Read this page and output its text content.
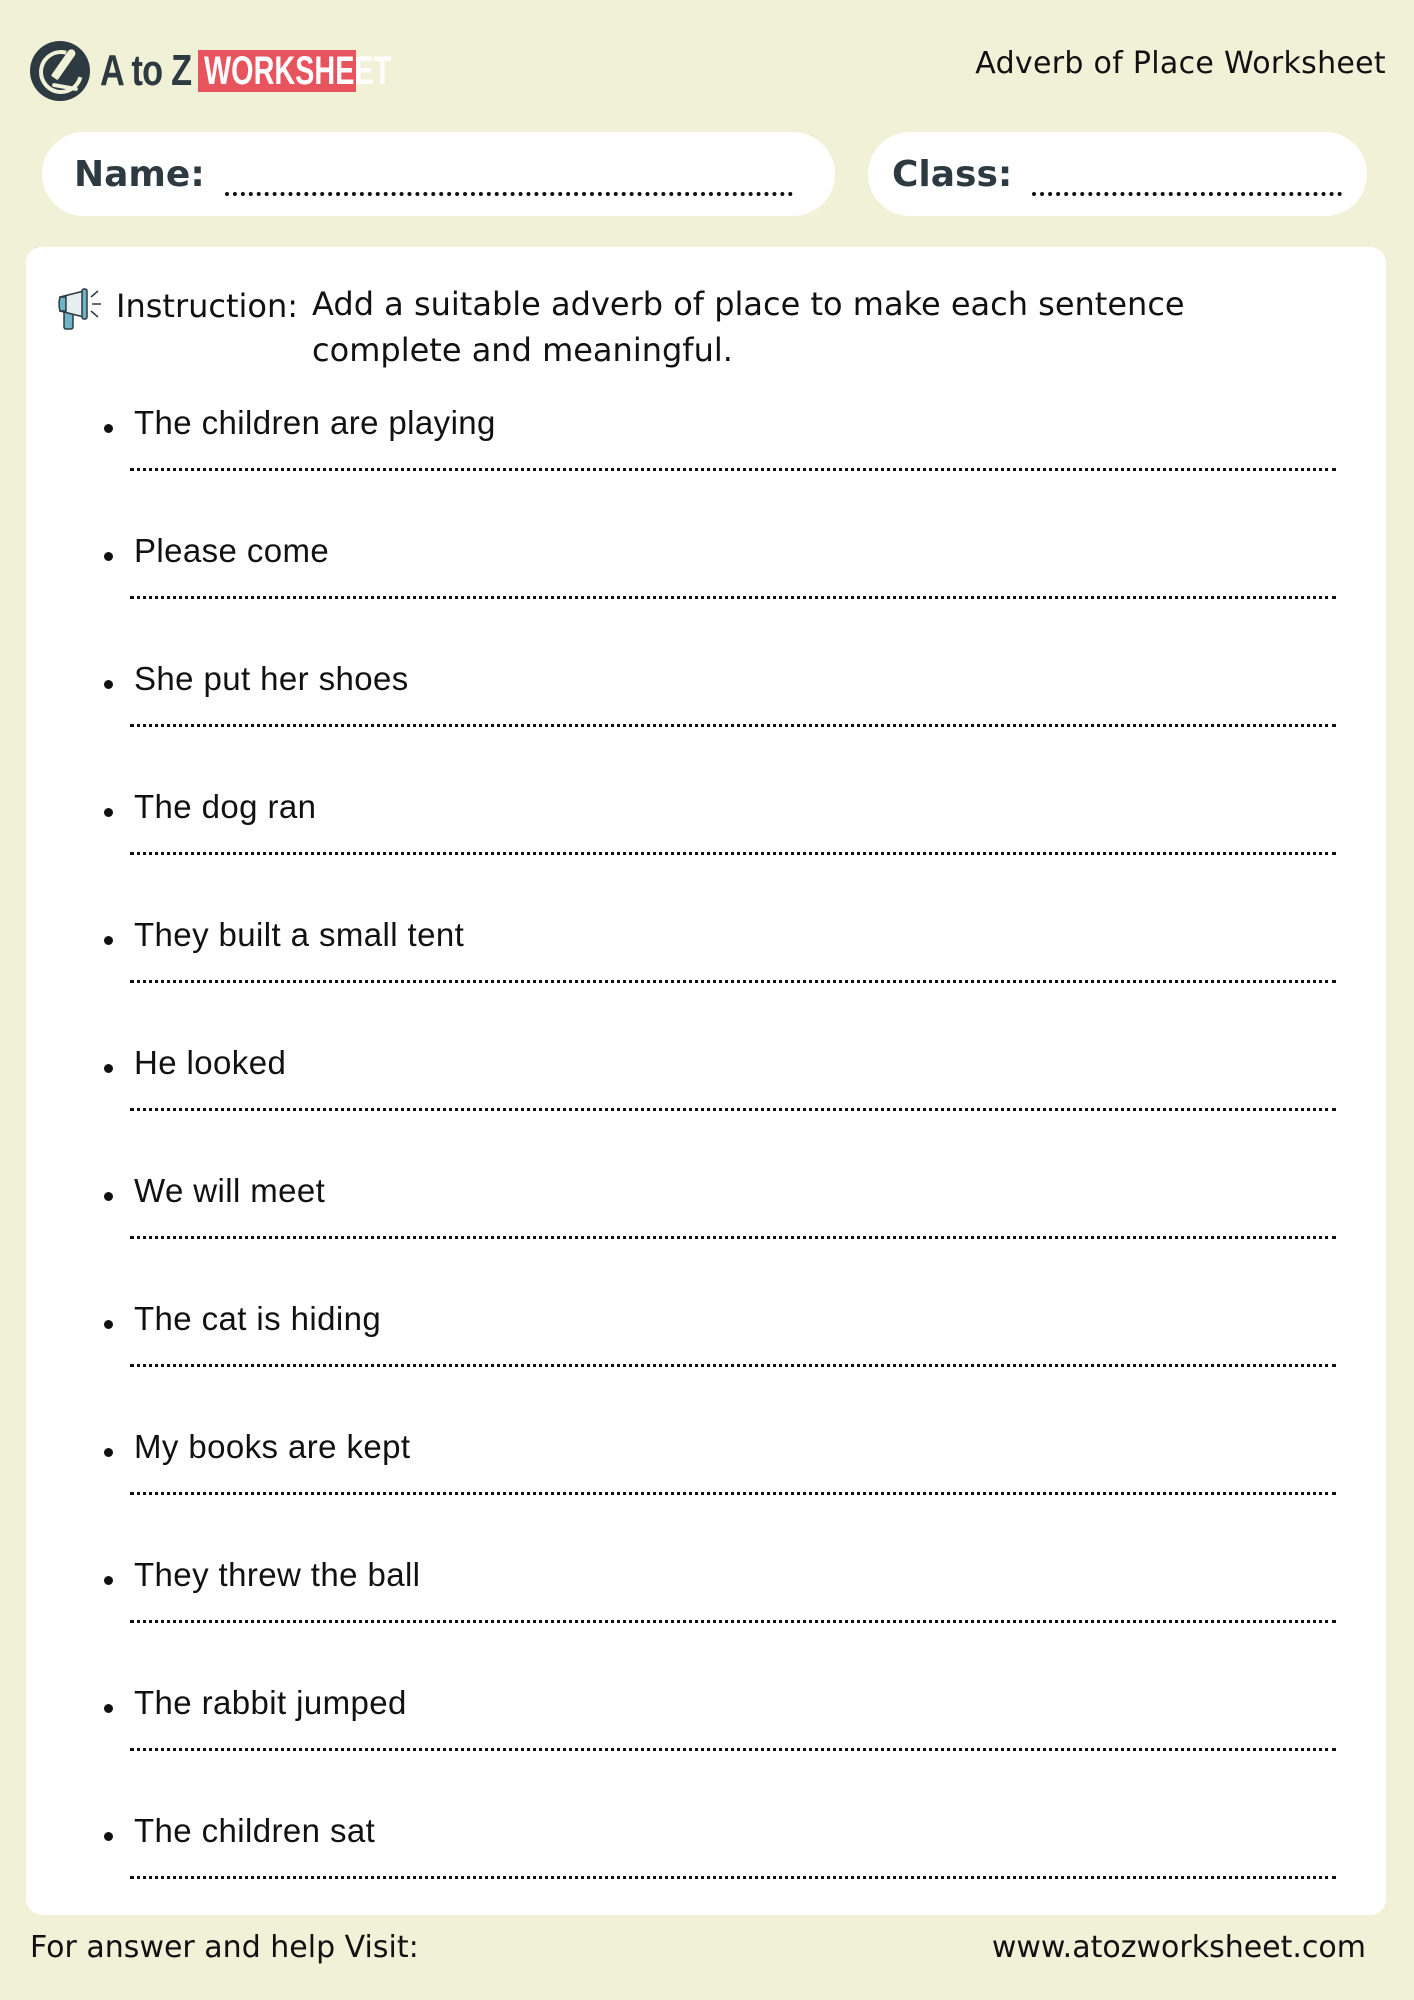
A to Z WORKSHEET	Adverb of Place Worksheet
Name:	Class:
Instruction: Add a suitable adverb of place to make each sentence complete and meaningful.
The children are playing
Please come
She put her shoes
The dog ran
They built a small tent
He looked
We will meet
The cat is hiding
My books are kept
They threw the ball
The rabbit jumped
The children sat
For answer and help Visit:	www.atozworksheet.com
